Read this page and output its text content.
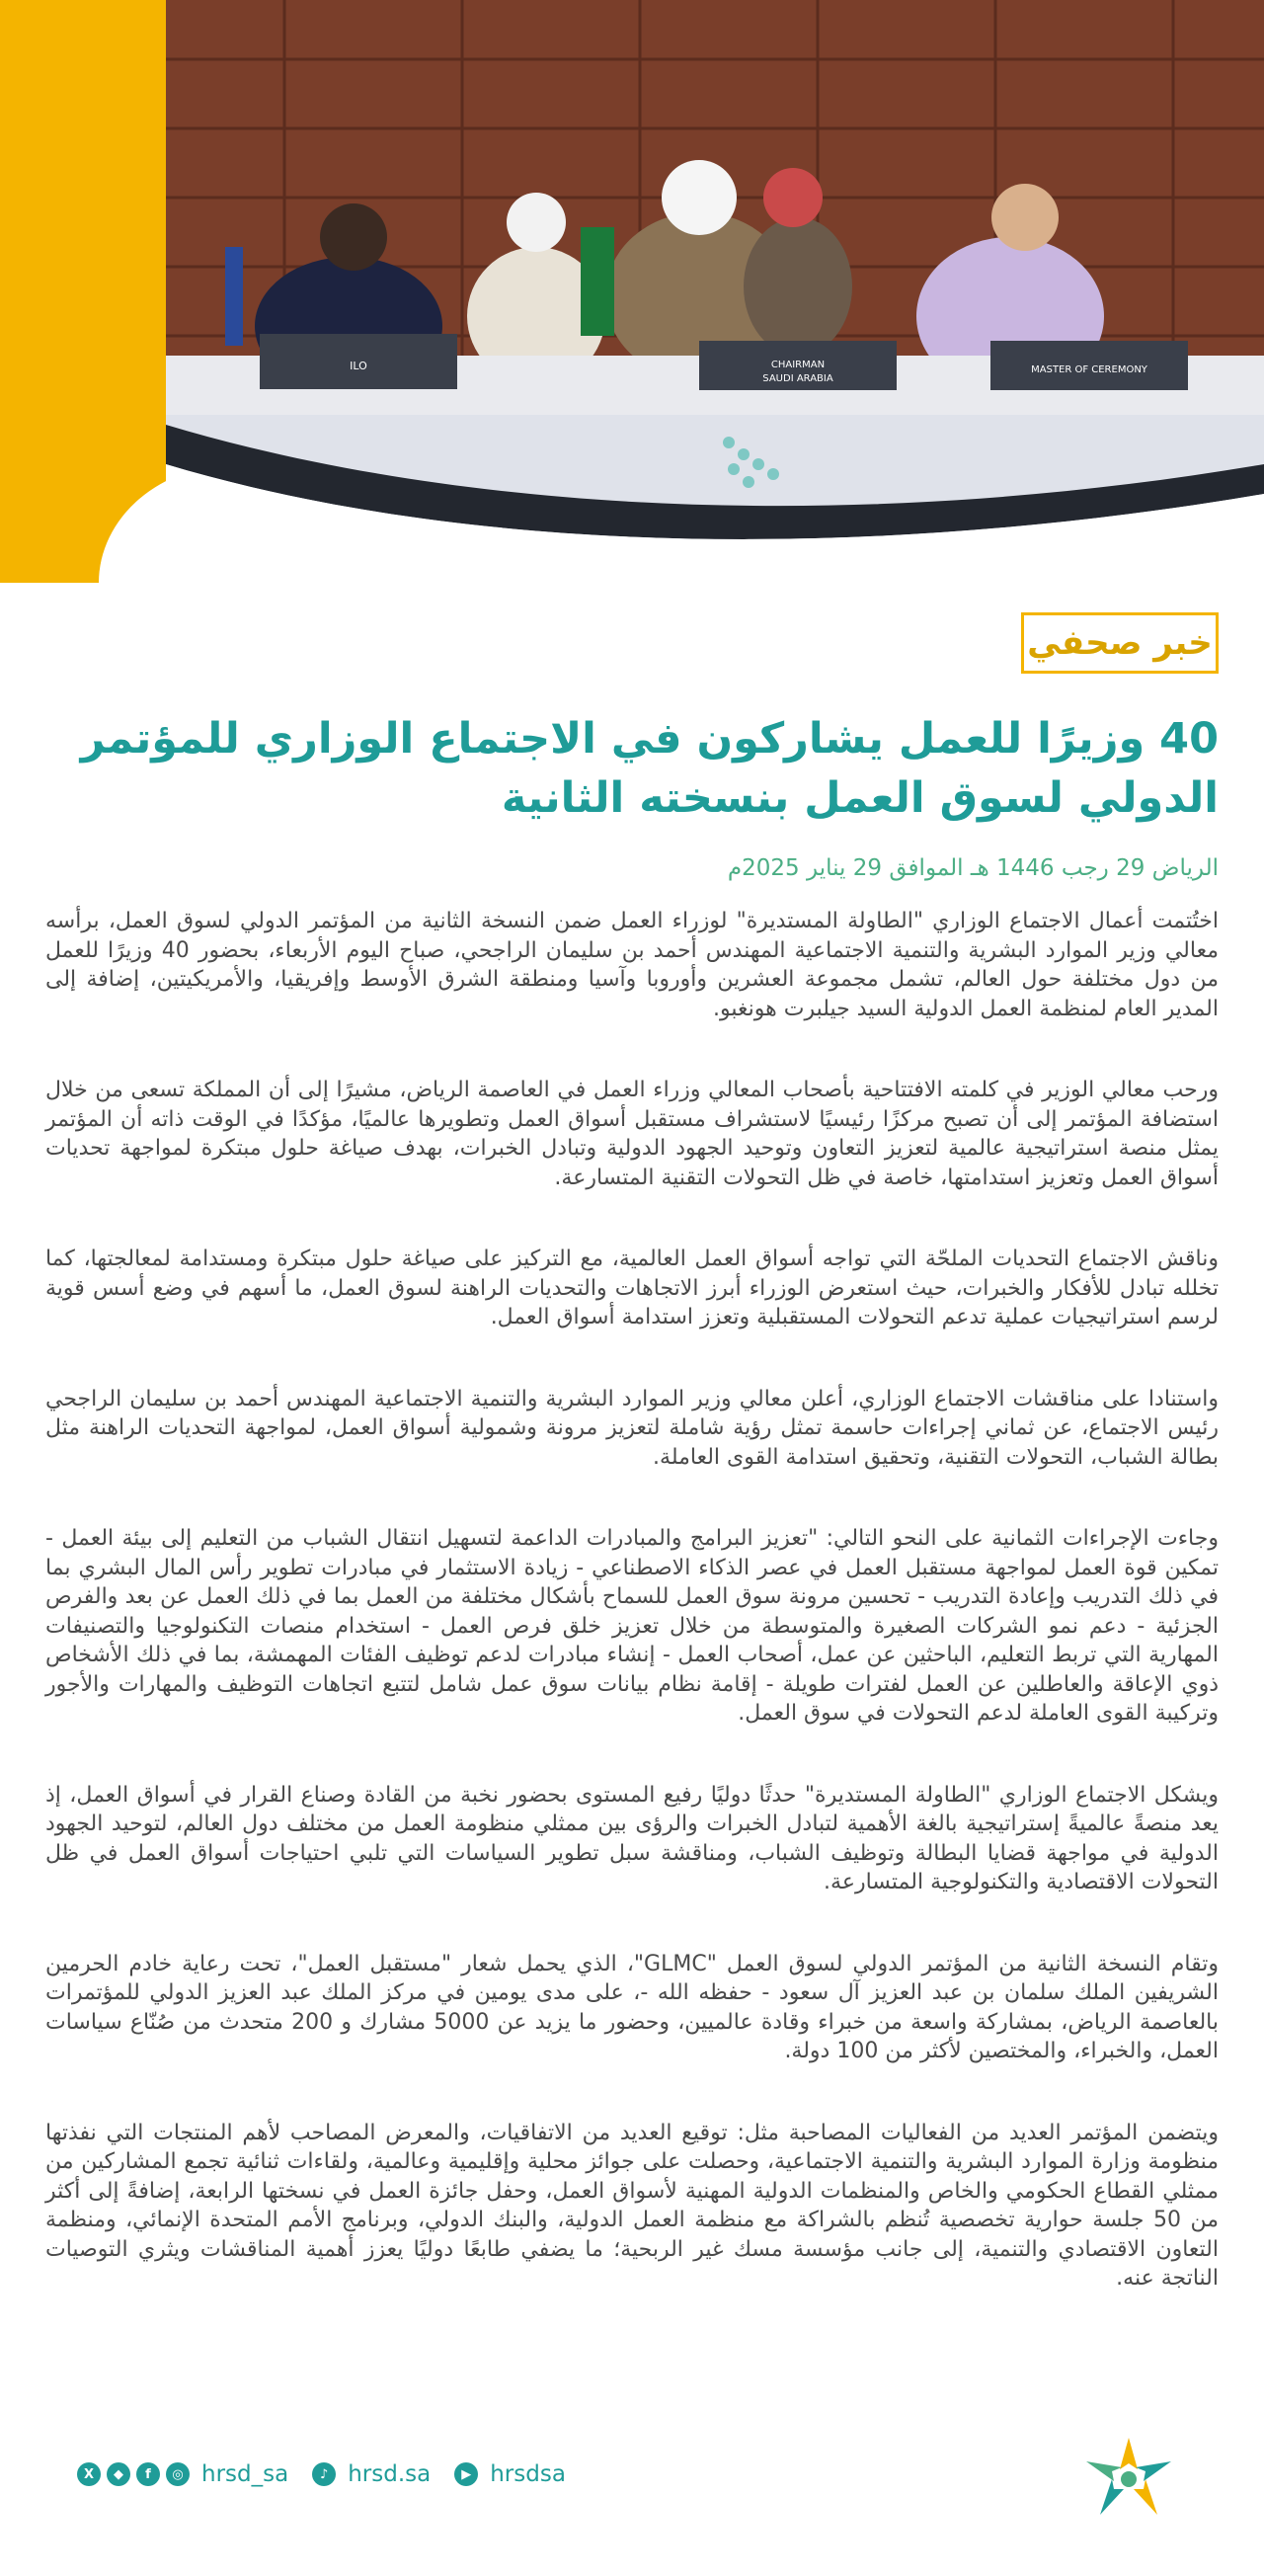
ILO	CHAIRMAN
SAUDI ARABIA
MASTER OF CEREMONY
خبر صحفي
40 وزيرًا للعمل يشاركون في الاجتماع الوزاري للمؤتمر الدولي لسوق العمل بنسخته الثانية
الرياض 29 رجب 1446 هـ الموافق 29 يناير 2025م

اختُتمت أعمال الاجتماع الوزاري "الطاولة المستديرة" لوزراء العمل ضمن النسخة الثانية من المؤتمر الدولي لسوق العمل، برأسه معالي وزير الموارد البشرية والتنمية الاجتماعية المهندس أحمد بن سليمان الراجحي، صباح اليوم الأربعاء، بحضور 40 وزيرًا للعمل من دول مختلفة حول العالم، تشمل مجموعة العشرين وأوروبا وآسيا ومنطقة الشرق الأوسط وإفريقيا، والأمريكيتين، إضافة إلى المدير العام لمنظمة العمل الدولية السيد جيلبرت هونغبو.

ورحب معالي الوزير في كلمته الافتتاحية بأصحاب المعالي وزراء العمل في العاصمة الرياض، مشيرًا إلى أن المملكة تسعى من خلال استضافة المؤتمر إلى أن تصبح مركزًا رئيسيًا لاستشراف مستقبل أسواق العمل وتطويرها عالميًا، مؤكدًا في الوقت ذاته أن المؤتمر يمثل منصة استراتيجية عالمية لتعزيز التعاون وتوحيد الجهود الدولية وتبادل الخبرات، بهدف صياغة حلول مبتكرة لمواجهة تحديات أسواق العمل وتعزيز استدامتها، خاصة في ظل التحولات التقنية المتسارعة.

وناقش الاجتماع التحديات الملحّة التي تواجه أسواق العمل العالمية، مع التركيز على صياغة حلول مبتكرة ومستدامة لمعالجتها، كما تخلله تبادل للأفكار والخبرات، حيث استعرض الوزراء أبرز الاتجاهات والتحديات الراهنة لسوق العمل، ما أسهم في وضع أسس قوية لرسم استراتيجيات عملية تدعم التحولات المستقبلية وتعزز استدامة أسواق العمل.

واستنادا على مناقشات الاجتماع الوزاري، أعلن معالي وزير الموارد البشرية والتنمية الاجتماعية المهندس أحمد بن سليمان الراجحي رئيس الاجتماع، عن ثماني إجراءات حاسمة تمثل رؤية شاملة لتعزيز مرونة وشمولية أسواق العمل، لمواجهة التحديات الراهنة مثل بطالة الشباب، التحولات التقنية، وتحقيق استدامة القوى العاملة.

وجاءت الإجراءات الثمانية على النحو التالي: "تعزيز البرامج والمبادرات الداعمة لتسهيل انتقال الشباب من التعليم إلى بيئة العمل - تمكين قوة العمل لمواجهة مستقبل العمل في عصر الذكاء الاصطناعي - زيادة الاستثمار في مبادرات تطوير رأس المال البشري بما في ذلك التدريب وإعادة التدريب - تحسين مرونة سوق العمل للسماح بأشكال مختلفة من العمل بما في ذلك العمل عن بعد والفرص الجزئية - دعم نمو الشركات الصغيرة والمتوسطة من خلال تعزيز خلق فرص العمل - استخدام منصات التكنولوجيا والتصنيفات المهارية التي تربط التعليم، الباحثين عن عمل، أصحاب العمل - إنشاء مبادرات لدعم توظيف الفئات المهمشة، بما في ذلك الأشخاص ذوي الإعاقة والعاطلين عن العمل لفترات طويلة - إقامة نظام بيانات سوق عمل شامل لتتبع اتجاهات التوظيف والمهارات والأجور وتركيبة القوى العاملة لدعم التحولات في سوق العمل.

ويشكل الاجتماع الوزاري "الطاولة المستديرة" حدثًا دوليًا رفيع المستوى بحضور نخبة من القادة وصناع القرار في أسواق العمل، إذ يعد منصةً عالميةً إستراتيجية بالغة الأهمية لتبادل الخبرات والرؤى بين ممثلي منظومة العمل من مختلف دول العالم، لتوحيد الجهود الدولية في مواجهة قضايا البطالة وتوظيف الشباب، ومناقشة سبل تطوير السياسات التي تلبي احتياجات أسواق العمل في ظل التحولات الاقتصادية والتكنولوجية المتسارعة.

وتقام النسخة الثانية من المؤتمر الدولي لسوق العمل "GLMC"، الذي يحمل شعار "مستقبل العمل"، تحت رعاية خادم الحرمين الشريفين الملك سلمان بن عبد العزيز آل سعود - حفظه الله -، على مدى يومين في مركز الملك عبد العزيز الدولي للمؤتمرات بالعاصمة الرياض، بمشاركة واسعة من خبراء وقادة عالميين، وحضور ما يزيد عن 5000 مشارك و 200 متحدث من صُنّاع سياسات العمل، والخبراء، والمختصين لأكثر من 100 دولة.

ويتضمن المؤتمر العديد من الفعاليات المصاحبة مثل: توقيع العديد من الاتفاقيات، والمعرض المصاحب لأهم المنتجات التي نفذتها منظومة وزارة الموارد البشرية والتنمية الاجتماعية، وحصلت على جوائز محلية وإقليمية وعالمية، ولقاءات ثنائية تجمع المشاركين من ممثلي القطاع الحكومي والخاص والمنظمات الدولية المهنية لأسواق العمل، وحفل جائزة العمل في نسختها الرابعة، إضافةً إلى أكثر من 50 جلسة حوارية تخصصية تُنظم بالشراكة مع منظمة العمل الدولية، والبنك الدولي، وبرنامج الأمم المتحدة الإنمائي، ومنظمة التعاون الاقتصادي والتنمية، إلى جانب مؤسسة مسك غير الربحية؛ ما يضفي طابعًا دوليًا يعزز أهمية المناقشات ويثري التوصيات الناتجة عنه.

X	◆	f	◎ hrsd_sa	♪ hrsd.sa	▶ hrsdsa
